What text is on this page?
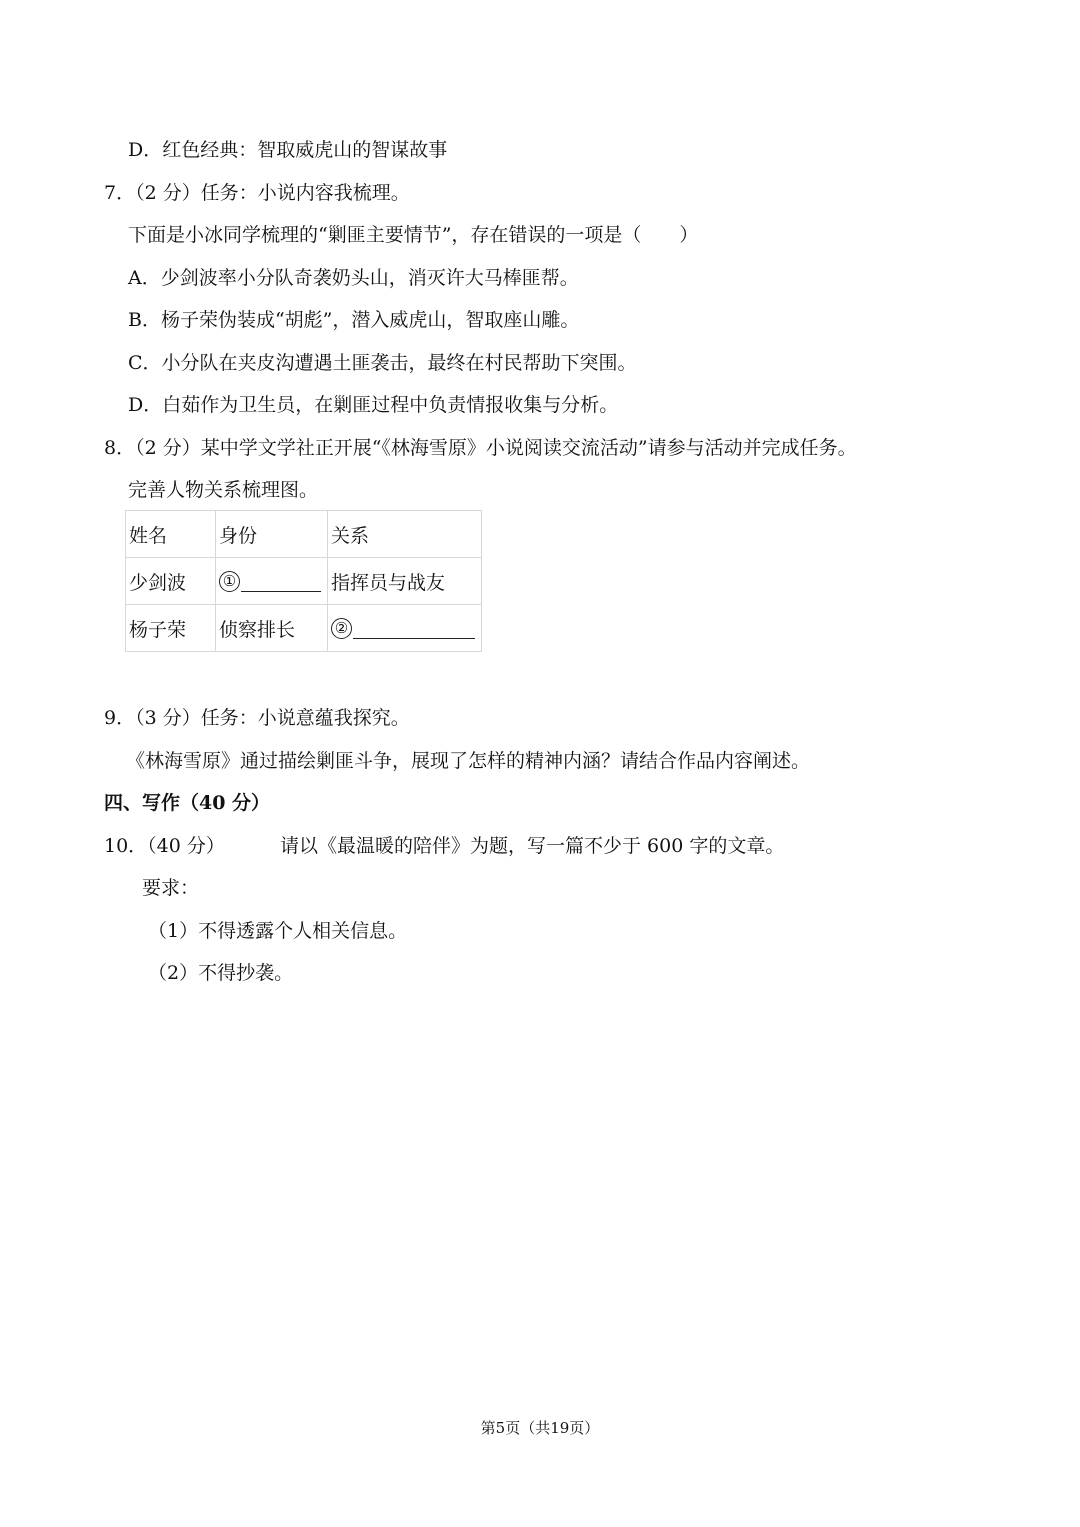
D．红色经典：智取威虎山的智谋故事
7．（2 分）任务：小说内容我梳理。
下面是小冰同学梳理的“剿匪主要情节”，存在错误的一项是（　　）
A．少剑波率小分队奇袭奶头山，消灭许大马棒匪帮。
B．杨子荣伪装成“胡彪”，潜入威虎山，智取座山雕。
C．小分队在夹皮沟遭遇土匪袭击，最终在村民帮助下突围。
D．白茹作为卫生员，在剿匪过程中负责情报收集与分析。
8．（2 分）某中学文学社正开展“《林海雪原》小说阅读交流活动”请参与活动并完成任务。
完善人物关系梳理图。
姓名	身份	关系
少剑波	①	指挥员与战友
杨子荣	侦察排长	②
9．（3 分）任务：小说意蕴我探究。
《林海雪原》通过描绘剿匪斗争，展现了怎样的精神内涵？请结合作品内容阐述。
四、写作（40 分）
10．（40 分）	请以《最温暖的陪伴》为题，写一篇不少于 600 字的文章。
要求：
（1）不得透露个人相关信息。
（2）不得抄袭。
第5页（共19页）
